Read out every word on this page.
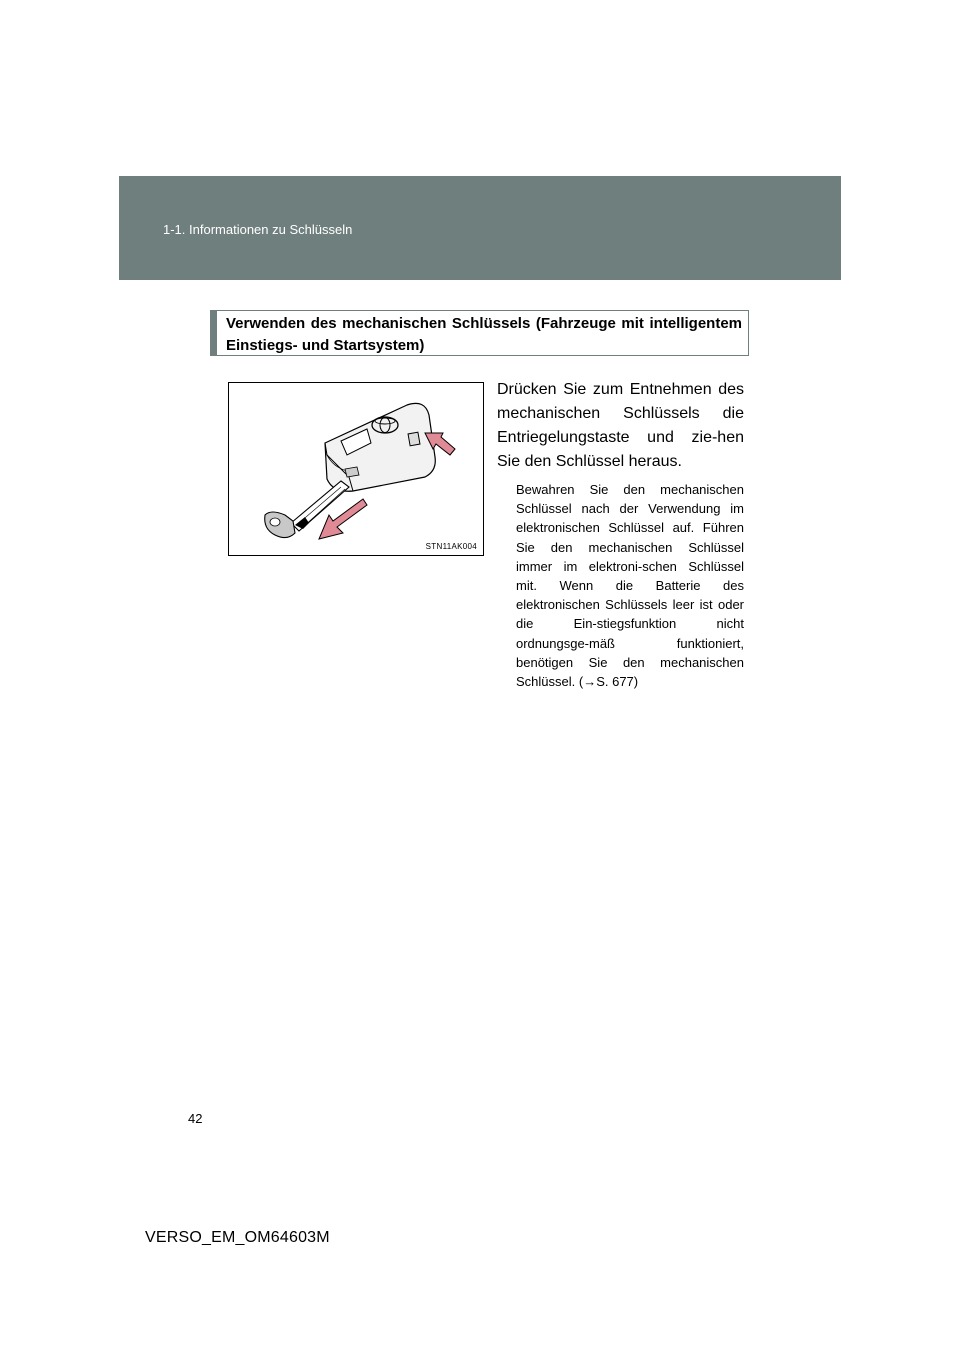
1-1. Informationen zu Schlüsseln

Verwenden des mechanischen Schlüssels (Fahrzeuge mit intelligentem Einstiegs- und Startsystem)

STN11AK004

Drücken Sie zum Entnehmen des mechanischen Schlüssels die Entriegelungstaste und zie-hen Sie den Schlüssel heraus.

Bewahren Sie den mechanischen Schlüssel nach der Verwendung im elektronischen Schlüssel auf. Führen Sie den mechanischen Schlüssel immer im elektroni-schen Schlüssel mit. Wenn die Batterie des elektronischen Schlüssels leer ist oder die Ein-stiegsfunktion nicht ordnungsge-mäß funktioniert, benötigen Sie den mechanischen Schlüssel. (→S. 677)

42
VERSO_EM_OM64603M
